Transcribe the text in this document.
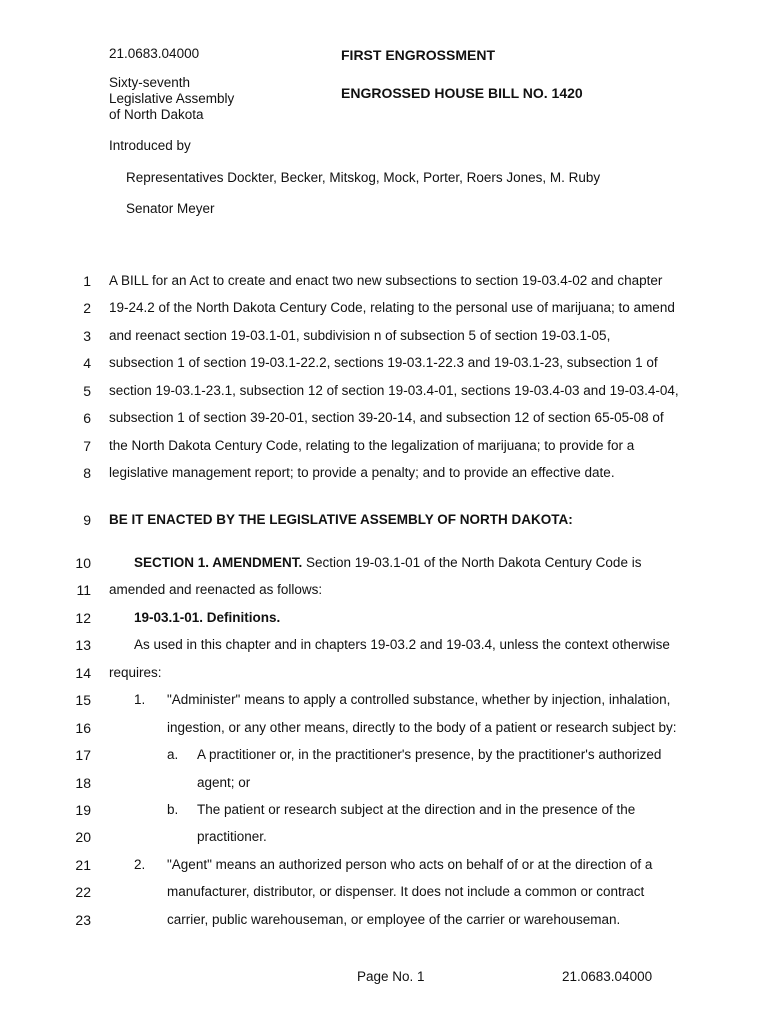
21.0683.04000
Sixty-seventh
Legislative Assembly
of North Dakota
FIRST ENGROSSMENT
ENGROSSED HOUSE BILL NO. 1420
Introduced by
Representatives Dockter, Becker, Mitskog, Mock, Porter, Roers Jones, M. Ruby
Senator Meyer
1 A BILL for an Act to create and enact two new subsections to section 19-03.4-02 and chapter
2 19-24.2 of the North Dakota Century Code, relating to the personal use of marijuana; to amend
3 and reenact section 19-03.1-01, subdivision n of subsection 5 of section 19-03.1-05,
4 subsection 1 of section 19-03.1-22.2, sections 19-03.1-22.3 and 19-03.1-23, subsection 1 of
5 section 19-03.1-23.1, subsection 12 of section 19-03.4-01, sections 19-03.4-03 and 19-03.4-04,
6 subsection 1 of section 39-20-01, section 39-20-14, and subsection 12 of section 65-05-08 of
7 the North Dakota Century Code, relating to the legalization of marijuana; to provide for a
8 legislative management report; to provide a penalty; and to provide an effective date.
9 BE IT ENACTED BY THE LEGISLATIVE ASSEMBLY OF NORTH DAKOTA:
10	SECTION 1. AMENDMENT. Section 19-03.1-01 of the North Dakota Century Code is
11 amended and reenacted as follows:
12	19-03.1-01. Definitions.
13	As used in this chapter and in chapters 19-03.2 and 19-03.4, unless the context otherwise
14 requires:
15	1. "Administer" means to apply a controlled substance, whether by injection, inhalation,
16	ingestion, or any other means, directly to the body of a patient or research subject by:
17	a. A practitioner or, in the practitioner's presence, by the practitioner's authorized
18	agent; or
19	b. The patient or research subject at the direction and in the presence of the
20	practitioner.
21	2. "Agent" means an authorized person who acts on behalf of or at the direction of a
22	manufacturer, distributor, or dispenser. It does not include a common or contract
23	carrier, public warehouseman, or employee of the carrier or warehouseman.
Page No. 1	21.0683.04000
